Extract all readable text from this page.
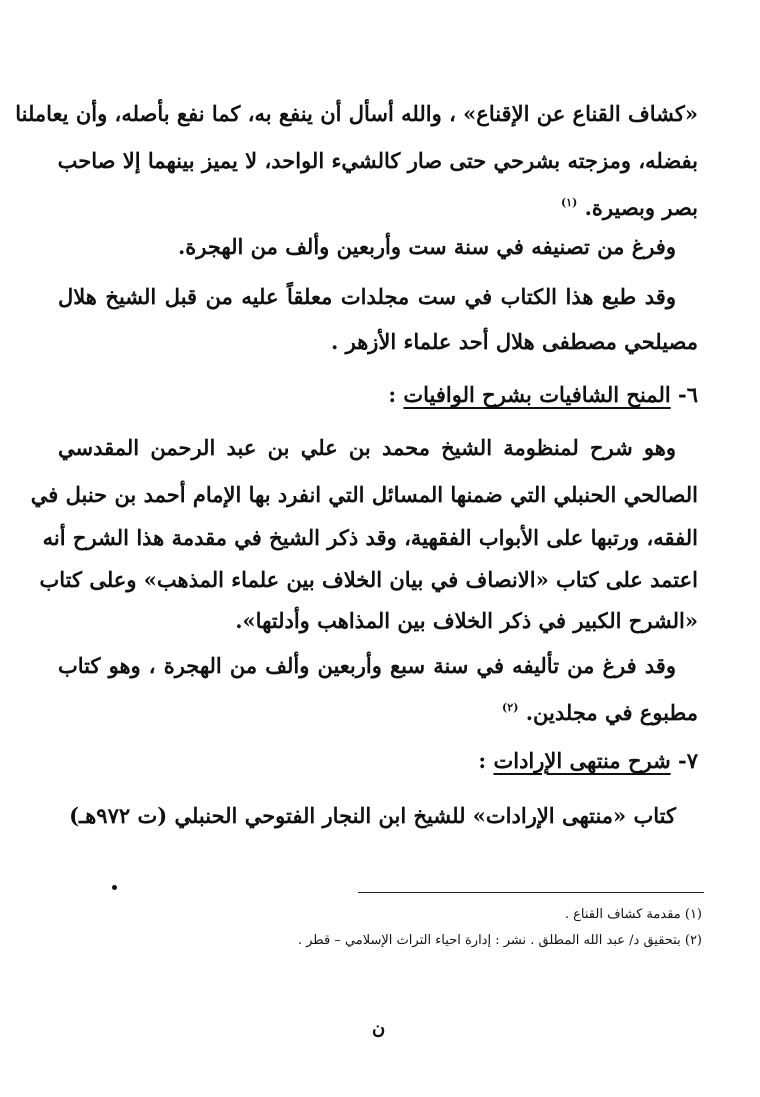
«كشاف القناع عن الإقناع» ، والله أسأل أن ينفع به، كما نفع بأصله، وأن يعاملنا
بفضله، ومزجته بشرحي حتى صار كالشيء الواحد، لا يميز بينهما إلا صاحب
بصر وبصيرة. $^{(١)}$
وفرغ من تصنيفه في سنة ست وأربعين وألف من الهجرة.
وقد طبع هذا الكتاب في ست مجلدات معلقاً عليه من قبل الشيخ هلال
مصيلحي مصطفى هلال أحد علماء الأزهر .
٦- المنح الشافيات بشرح الوافيات :
وهو شرح لمنظومة الشيخ محمد بن علي بن عبد الرحمن المقدسي
الصالحي الحنبلي التي ضمنها المسائل التي انفرد بها الإمام أحمد بن حنبل في
الفقه، ورتبها على الأبواب الفقهية، وقد ذكر الشيخ في مقدمة هذا الشرح أنه
اعتمد على كتاب «الانصاف في بيان الخلاف بين علماء المذهب» وعلى كتاب
«الشرح الكبير في ذكر الخلاف بين المذاهب وأدلتها».
وقد فرغ من تأليفه في سنة سبع وأربعين وألف من الهجرة ، وهو كتاب
مطبوع في مجلدين. $^{(٢)}$
٧- شرح منتهى الإرادات :
كتاب «منتهى الإرادات» للشيخ ابن النجار الفتوحي الحنبلي (ت ٩٧٢هـ)
(١) مقدمة كشاف القناع .
(٢) بتحقيق د/ عبد الله المطلق . نشر : إدارة احياء التراث الإسلامي – قطر .
ن
